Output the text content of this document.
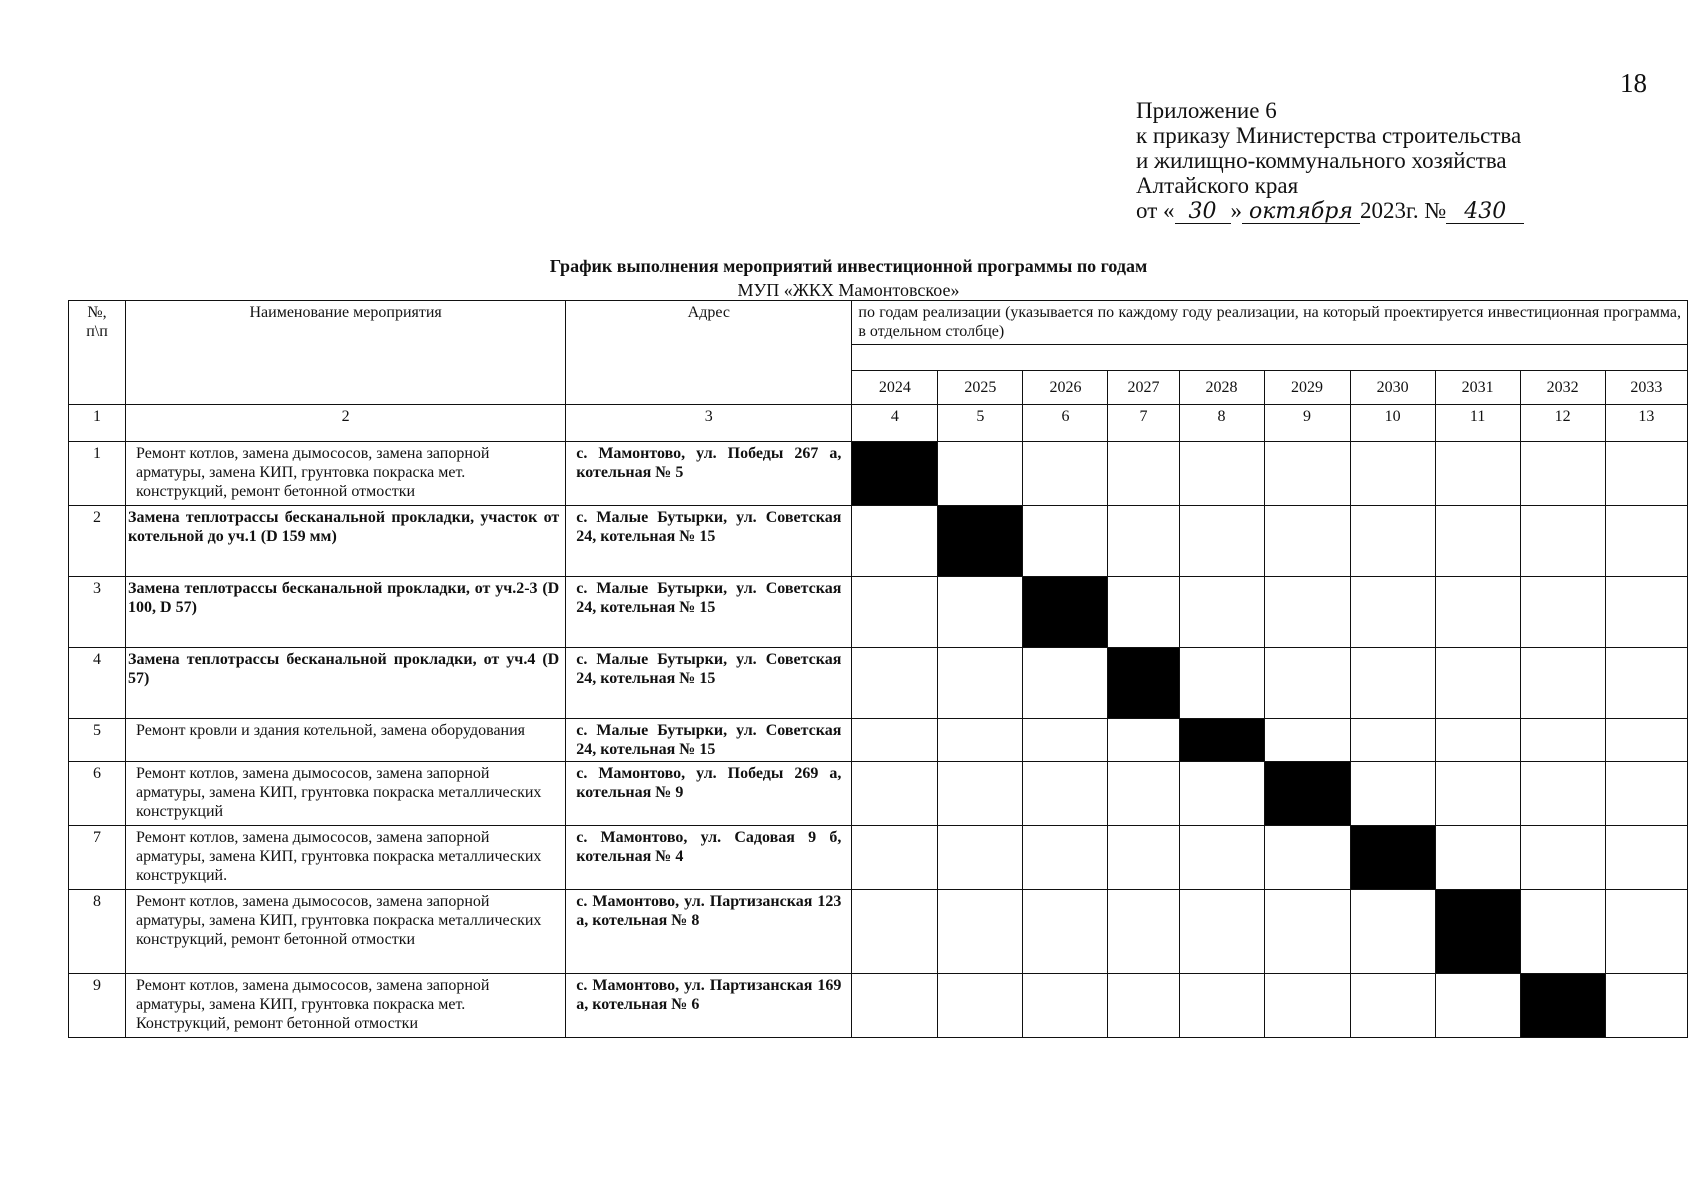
18
Приложение 6
к приказу Министерства строительства
и жилищно-коммунального хозяйства
Алтайского края
от « 30 » октября 2023г. № 430
График выполнения мероприятий инвестиционной программы по годам
МУП «ЖКХ Мамонтовское»
№, п\п	Наименование мероприятия	Адрес	по годам реализации (указывается по каждому году реализации, на который проектируется инвестиционная программа, в отдельном столбце)									

			2024	2025	2026	2027	2028	2029	2030	2031	2032	2033
1	2	3	4	5	6	7	8	9	10	11	12	13
1	Ремонт котлов, замена дымососов, замена запорной арматуры, замена КИП, грунтовка покраска мет. конструкций, ремонт бетонной отмостки	с. Мамонтово, ул. Победы 267 а, котельная № 5										
2	Замена теплотрассы бесканальной прокладки, участок от котельной до уч.1 (D 159 мм)	с. Малые Бутырки, ул. Советская 24, котельная № 15										
3	Замена теплотрассы бесканальной прокладки, от уч.2-3 (D 100, D 57)	с. Малые Бутырки, ул. Советская 24, котельная № 15										
4	Замена теплотрассы бесканальной прокладки, от уч.4 (D 57)	с. Малые Бутырки, ул. Советская 24, котельная № 15										
5	Ремонт кровли и здания котельной, замена оборудования	с. Малые Бутырки, ул. Советская 24, котельная № 15										
6	Ремонт котлов, замена дымососов, замена запорной арматуры, замена КИП, грунтовка покраска металлических конструкций	с. Мамонтово, ул. Победы 269 а, котельная № 9										
7	Ремонт котлов, замена дымососов, замена запорной арматуры, замена КИП, грунтовка покраска металлических конструкций.	с. Мамонтово, ул. Садовая 9 б, котельная № 4										
8	Ремонт котлов, замена дымососов, замена запорной арматуры, замена КИП, грунтовка покраска металлических конструкций, ремонт бетонной отмостки	с. Мамонтово, ул. Партизанская 123 а, котельная № 8										
9	Ремонт котлов, замена дымососов, замена запорной арматуры, замена КИП, грунтовка покраска мет. Конструкций, ремонт бетонной отмостки	с. Мамонтово, ул. Партизанская 169 а, котельная № 6										
